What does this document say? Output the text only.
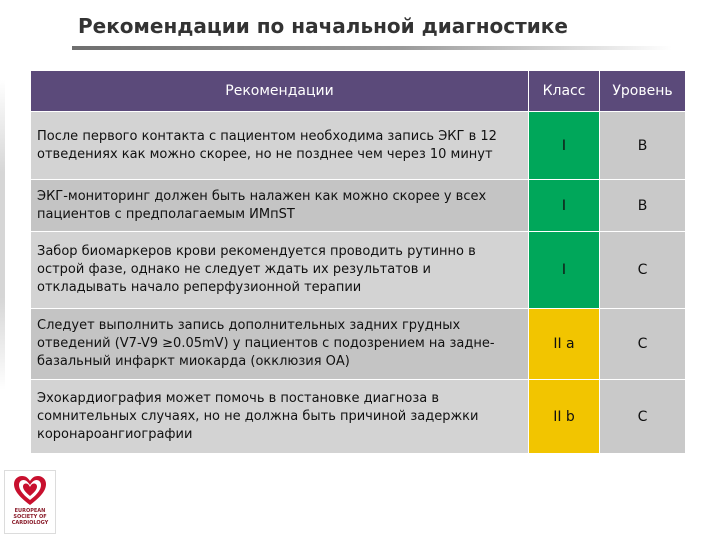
Рекомендации по начальной диагностике
Рекомендации	Класс	Уровень
После первого контакта с пациентом необходима запись ЭКГ в 12 отведениях как можно скорее, но не позднее чем через 10 минут	I	B
ЭКГ-мониторинг должен быть налажен как можно скорее у всех пациентов с предполагаемым ИМпST	I	B
Забор биомаркеров крови рекомендуется проводить рутинно в острой фазе, однако не следует ждать их результатов и откладывать начало реперфузионной терапии	I	C
Следует выполнить запись дополнительных задних грудных отведений (V7-V9 ≥0.05mV) у пациентов с подозрением на задне-базальный инфаркт миокарда (окклюзия ОА)	II a	C
Эхокардиография может помочь в постановке диагноза в сомнительных случаях, но не должна быть причиной задержки коронароангиографии	II b	C
EUROPEAN SOCIETY OF CARDIOLOGY
